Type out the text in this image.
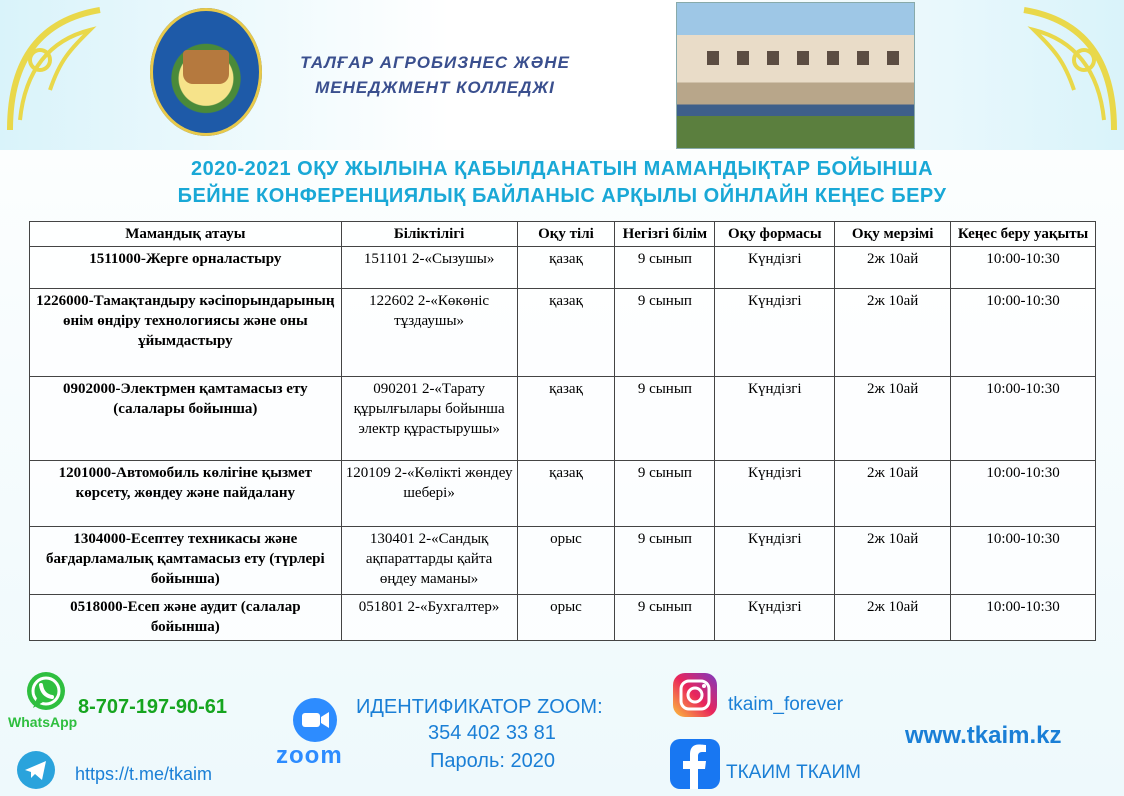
ТАЛҒАР АГРОБИЗНЕС ЖӘНЕ
МЕНЕДЖМЕНТ КОЛЛЕДЖІ
2020-2021 ОҚУ ЖЫЛЫНА ҚАБЫЛДАНАТЫН МАМАНДЫҚТАР БОЙЫНША
БЕЙНЕ КОНФЕРЕНЦИЯЛЫҚ БАЙЛАНЫС АРҚЫЛЫ ОЙНЛАЙН КЕҢЕС БЕРУ
Мамандық атауы	Біліктілігі	Оқу тілі	Негізгі білім	Оқу формасы	Оқу мерзімі	Кеңес беру уақыты
1511000-Жерге орналастыру	151101 2-«Сызушы»	қазақ	9 сынып	Күндізгі	2ж 10ай	10:00-10:30
1226000-Тамақтандыру кәсіпорындарының өнім өндіру технологиясы және оны ұйымдастыру	122602 2-«Көкөніс тұздаушы»	қазақ	9 сынып	Күндізгі	2ж 10ай	10:00-10:30
0902000-Электрмен қамтамасыз ету (салалары бойынша)	090201 2-«Тарату құрылғылары бойынша электр құрастырушы»	қазақ	9 сынып	Күндізгі	2ж 10ай	10:00-10:30
1201000-Автомобиль көлігіне қызмет көрсету, жөндеу және пайдалану	120109 2-«Көлікті жөндеу шебері»	қазақ	9 сынып	Күндізгі	2ж 10ай	10:00-10:30
1304000-Есептеу техникасы және бағдарламалық қамтамасыз ету (түрлері бойынша)	130401 2-«Сандық ақпараттарды қайта өңдеу маманы»	орыс	9 сынып	Күндізгі	2ж 10ай	10:00-10:30
0518000-Есеп және аудит (салалар бойынша)	051801 2-«Бухгалтер»	орыс	9 сынып	Күндізгі	2ж 10ай	10:00-10:30
WhatsApp
8-707-197-90-61
https://t.me/tkaim
zoom
ИДЕНТИФИКАТОР ZOOM:
354 402 33 81
Пароль: 2020
tkaim_forever
ТКАИМ ТКАИМ
www.tkaim.kz
